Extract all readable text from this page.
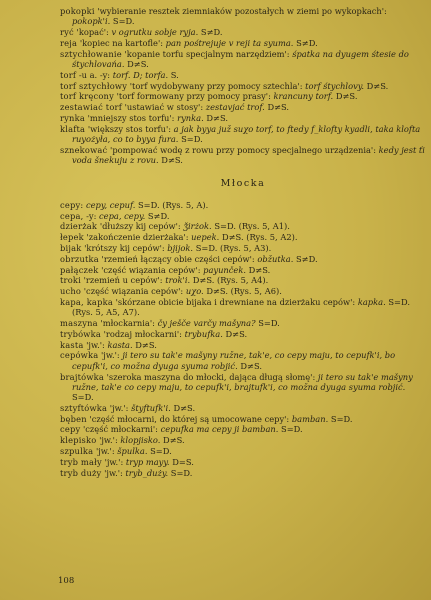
pokopki 'wybieranie resztek ziemniaków pozostałych w ziemi po wykopkach': pokopk'i. S=D.
ryć 'kopać': v ogrutku sobje ryja. S≠D.
reja 'kopiec na kartofle': pan pośtrejuje v reji ta syuma. S≠D.
sztychłowanie 'kopanie torfu specjalnym narzędziem': śpatka na dyugem śtesie do śtychlovańa. D≠S.
torf -u a. -y: torf. D; torfa. S.
torf sztychłowy 'torf wydobywany przy pomocy sztechla': torf śtychlovy. D≠S.
torf kręcony 'torf formowany przy pomocy prasy': krancuny torf. D≠S.
zestawiać torf 'ustawiać w stosy': zestavjać trof. D≠S.
rynka 'mniejszy stos torfu': rynka. D≠S.
klafta 'większy stos torfu': a jak byya juž suχo torf, to ftedy f_klofty kyadli, taka klofta ruyożyła, co to byya fura. S=D.
sznekować 'pompować wodę z rowu przy pomocy specjalnego urządzenia': kedy jest ťi voda šnekuju z rovu. D≠S.
Młocka
cepy: cepy, cepuf. S=D. (Rys. 5, A).
cepa, -y: cepa, cepy. S≠D.
dzierżak 'dłuższy kij cepów': ǯirżok. S=D. (Rys. 5, A1).
łepek 'zakończenie dzierżaka': uepek. D≠S. (Rys. 5, A2).
bijak 'krótszy kij cepów': bjijok. S=D. (Rys. 5, A3).
obrzutka 'rzemień łączący obie części cepów': obžutka. S≠D.
pałączek 'część wiązania cepów': payunček. D≠S.
troki 'rzemień u cepów': trok'i. D≠S. (Rys. 5, A4).
ucho 'część wiązania cepów': uχo. D≠S. (Rys. 5, A6).
kapa, kapka 'skórzane obicie bijaka i drewniane na dzierżaku cepów': kapka. S=D. (Rys. 5, A5, A7).
maszyna 'młockarnia': čy ješče varčy mašyna? S=D.
trybówka 'rodzaj młockarni': trybufka. D≠S.
kasta 'jw.': kasta. D≠S.
cepówka 'jw.': ji tero su tak'e mašyny ružne, tak'e, co cepy maju, to cepufk'i, bo cepufk'i, co možna dyuga syuma robjić. D≠S.
brajtówka 'szeroka maszyna do młocki, dająca długą słomę': ji tero su tak'e mašyny ružne, tak'e co cepy maju, to cepufk'i, brajtufk'i, co možna dyuga syuma robjić. S=D.
sztyftówka 'jw.': štyftufk'i. D≠S.
bęben 'część młocarni, do której są umocowane cepy': bamban. S=D.
cepy 'część młockarni': cepufka ma cepy ji bamban. S=D.
klepisko 'jw.': klopjisko. D≠S.
szpulka 'jw.': špulka. S=D.
tryb mały 'jw.': tryp mayy. D=S.
tryb duży 'jw.': tryb_duży. S=D.
108
